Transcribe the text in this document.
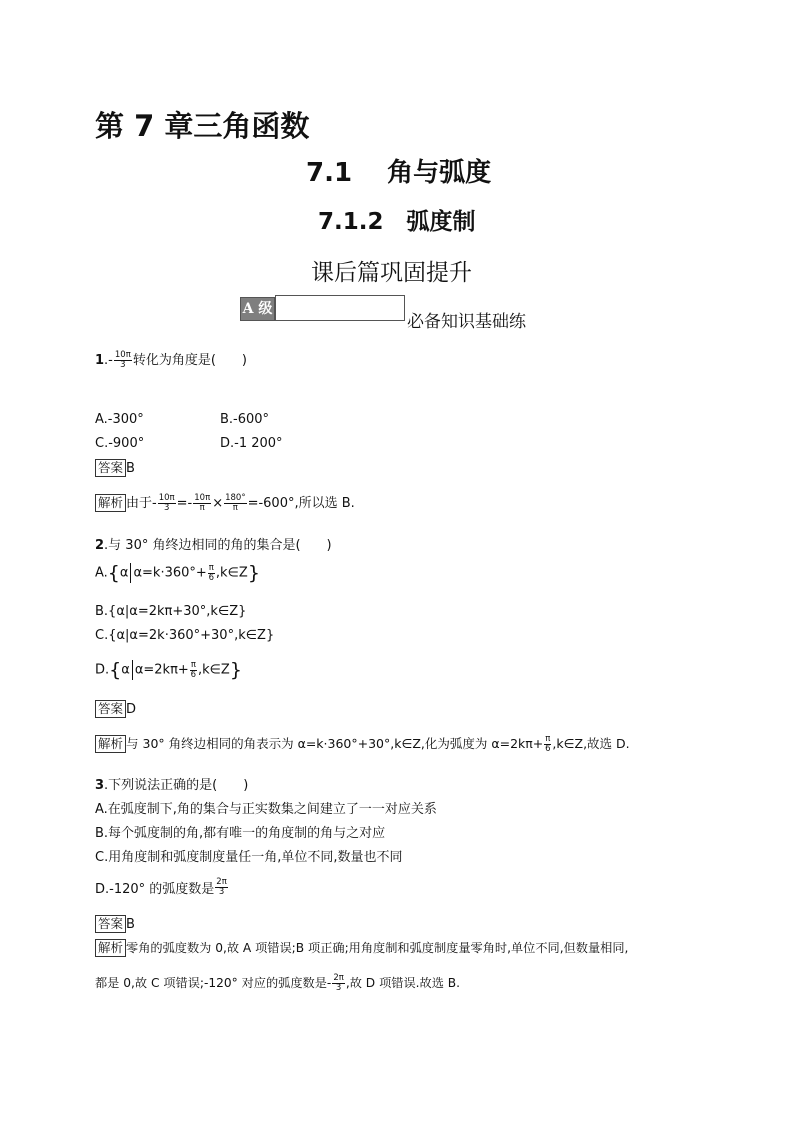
第 7 章三角函数
7.1　 角与弧度
7.1.2　弧度制
课后篇巩固提升
A 级
必备知识基础练
$1.- \frac{10\pi}{3}$ 转化为角度是(　　)
A.-300°	B.-600°
C.-900°	D.-1 200°
答案 B
解析 由于- $\frac{10\pi}{3} =- \frac{10\pi}{\pi} \times \frac{180^\circ}{\pi} =-600^\circ$,所以选 B.
2.与 30° 角终边相同的角的集合是(　　)
A.{α $\alpha=k\cdot 360^\circ+ \frac{\pi}{6}$ ,k∈Z}
B.{α|α=2kπ+30°,k∈Z}
C.{α|α=2k·360°+30°,k∈Z}
D.{α $\alpha=2k\pi+ \frac{\pi}{6}$ ,k∈Z}
答案 D
解析 与 30° 角终边相同的角表示为 α=k·360°+30°,k∈Z,化为弧度为 $\alpha=2k\pi+ \frac{\pi}{6}$ ,k∈Z,故选 D.
3.下列说法正确的是(　　)
A.在弧度制下,角的集合与正实数集之间建立了一一对应关系
B.每个弧度制的角,都有唯一的角度制的角与之对应
C.用角度制和弧度制度量任一角,单位不同,数量也不同
D.-120° 的弧度数是 $\frac{2\pi}{3}$
答案 B
解析 零角的弧度数为 0,故 A 项错误;B 项正确;用角度制和弧度制度量零角时,单位不同,但数量相同,
都是 0,故 C 项错误;-120° 对应的弧度数是- $\frac{2\pi}{3}$ ,故 D 项错误.故选 B.
